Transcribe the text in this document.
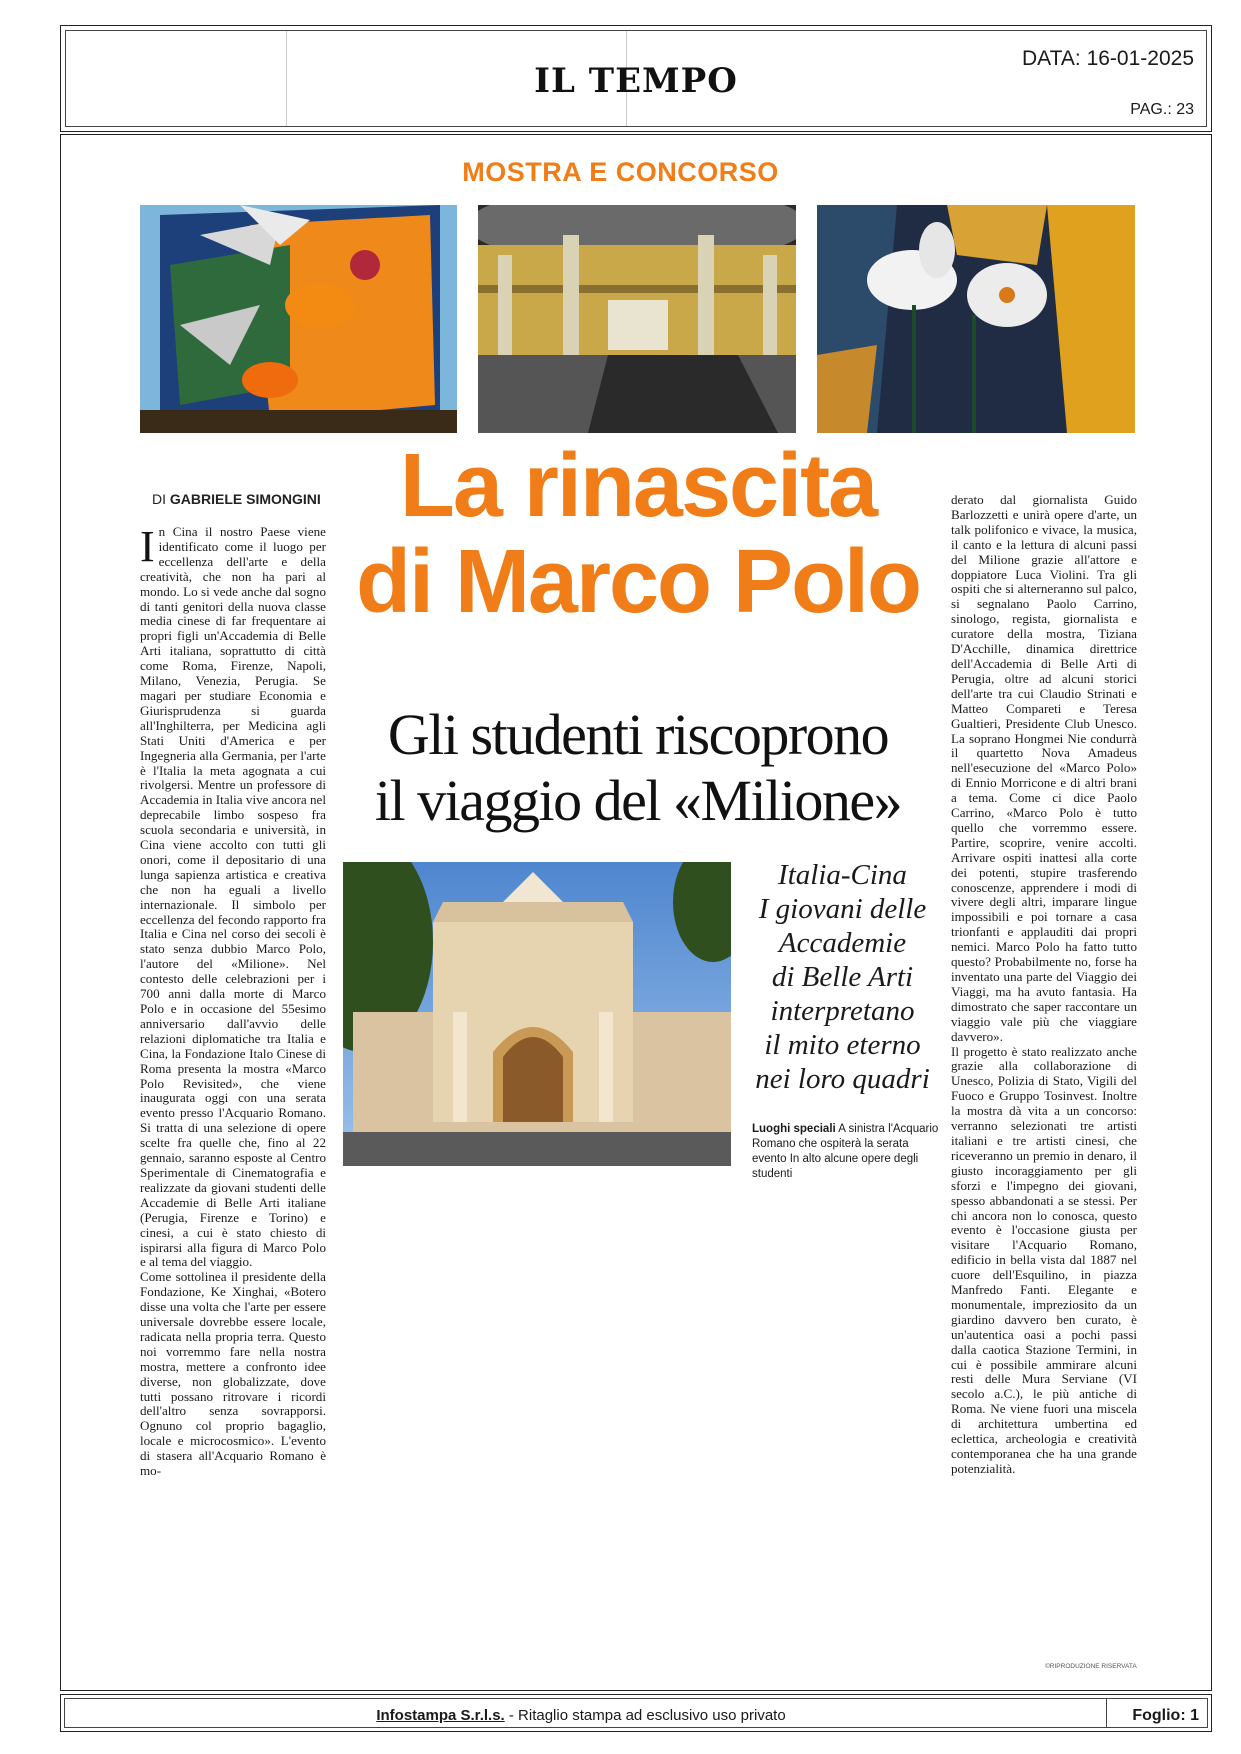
IL TEMPO
DATA: 16-01-2025
PAG.: 23
MOSTRA E CONCORSO
DI GABRIELE SIMONGINI
I n Cina il nostro Paese viene identificato come il luogo per eccellenza dell'arte e della creatività, che non ha pari al mondo. Lo si vede anche dal sogno di tanti genitori della nuova classe media cinese di far frequentare ai propri figli un'Accademia di Belle Arti italiana, soprattutto di città come Roma, Firenze, Napoli, Milano, Venezia, Perugia. Se magari per studiare Economia e Giurisprudenza si guarda all'Inghilterra, per Medicina agli Stati Uniti d'America e per Ingegneria alla Germania, per l'arte è l'Italia la meta agognata a cui rivolgersi. Mentre un professore di Accademia in Italia vive ancora nel deprecabile limbo sospeso fra scuola secondaria e università, in Cina viene accolto con tutti gli onori, come il depositario di una lunga sapienza artistica e creativa che non ha eguali a livello internazionale. Il simbolo per eccellenza del fecondo rapporto fra Italia e Cina nel corso dei secoli è stato senza dubbio Marco Polo, l'autore del «Milione». Nel contesto delle celebrazioni per i 700 anni dalla morte di Marco Polo e in occasione del 55esimo anniversario dall'avvio delle relazioni diplomatiche tra Italia e Cina, la Fondazione Italo Cinese di Roma presenta la mostra «Marco Polo Revisited», che viene inaugurata oggi con una serata evento presso l'Acquario Romano. Si tratta di una selezione di opere scelte fra quelle che, fino al 22 gennaio, saranno esposte al Centro Sperimentale di Cinematografia e realizzate da giovani studenti delle Accademie di Belle Arti italiane (Perugia, Firenze e Torino) e cinesi, a cui è stato chiesto di ispirarsi alla figura di Marco Polo e al tema del viaggio.

Come sottolinea il presidente della Fondazione, Ke Xinghai, «Botero disse una volta che l'arte per essere universale dovrebbe essere locale, radicata nella propria terra. Questo noi vorremmo fare nella nostra mostra, mettere a confronto idee diverse, non globalizzate, dove tutti possano ritrovare i ricordi dell'altro senza sovrapporsi. Ognuno col proprio bagaglio, locale e microcosmico». L'evento di stasera all'Acquario Romano è mo-

La rinascita
di Marco Polo
Gli studenti riscoprono
il viaggio del «Milione»
Italia-Cina
I giovani delle
Accademie
di Belle Arti
interpretano
il mito eterno
nei loro quadri
Luoghi speciali A sinistra l'Acquario Romano che ospiterà la serata evento In alto alcune opere degli studenti

derato dal giornalista Guido Barlozzetti e unirà opere d'arte, un talk polifonico e vivace, la musica, il canto e la lettura di alcuni passi del Milione grazie all'attore e doppiatore Luca Violini. Tra gli ospiti che si alterneranno sul palco, si segnalano Paolo Carrino, sinologo, regista, giornalista e curatore della mostra, Tiziana D'Acchille, dinamica direttrice dell'Accademia di Belle Arti di Perugia, oltre ad alcuni storici dell'arte tra cui Claudio Strinati e Matteo Compareti e Teresa Gualtieri, Presidente Club Unesco. La soprano Hongmei Nie condurrà il quartetto Nova Amadeus nell'esecuzione del «Marco Polo» di Ennio Morricone e di altri brani a tema. Come ci dice Paolo Carrino, «Marco Polo è tutto quello che vorremmo essere. Partire, scoprire, venire accolti. Arrivare ospiti inattesi alla corte dei potenti, stupire trasferendo conoscenze, apprendere i modi di vivere degli altri, imparare lingue impossibili e poi tornare a casa trionfanti e applauditi dai propri nemici. Marco Polo ha fatto tutto questo? Probabilmente no, forse ha inventato una parte del Viaggio dei Viaggi, ma ha avuto fantasia. Ha dimostrato che saper raccontare un viaggio vale più che viaggiare davvero».

Il progetto è stato realizzato anche grazie alla collaborazione di Unesco, Polizia di Stato, Vigili del Fuoco e Gruppo Tosinvest. Inoltre la mostra dà vita a un concorso: verranno selezionati tre artisti italiani e tre artisti cinesi, che riceveranno un premio in denaro, il giusto incoraggiamento per gli sforzi e l'impegno dei giovani, spesso abbandonati a se stessi. Per chi ancora non lo conosca, questo evento è l'occasione giusta per visitare l'Acquario Romano, edificio in bella vista dal 1887 nel cuore dell'Esquilino, in piazza Manfredo Fanti. Elegante e monumentale, impreziosito da un giardino davvero ben curato, è un'autentica oasi a pochi passi dalla caotica Stazione Termini, in cui è possibile ammirare alcuni resti delle Mura Serviane (VI secolo a.C.), le più antiche di Roma. Ne viene fuori una miscela di architettura umbertina ed eclettica, archeologia e creatività contemporanea che ha una grande potenzialità.

©RIPRODUZIONE RISERVATA
Infostampa S.r.l.s. - Ritaglio stampa ad esclusivo uso privato	Foglio: 1
